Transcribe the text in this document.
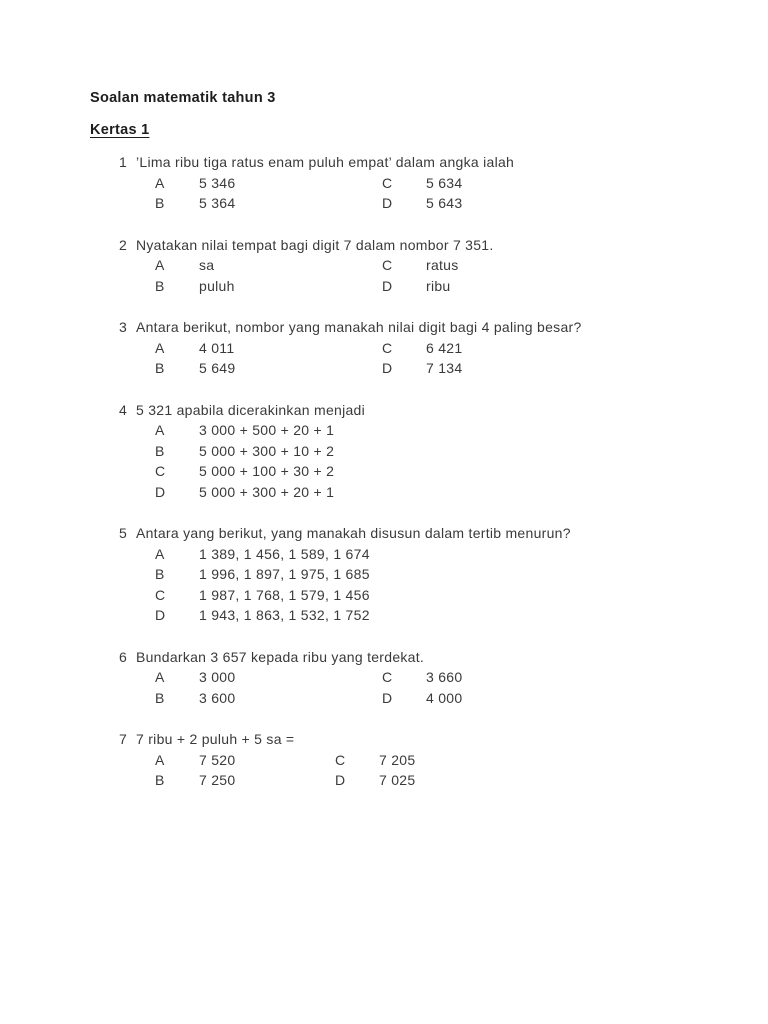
Soalan matematik tahun 3
Kertas 1
1 ’Lima ribu tiga ratus enam puluh empat’ dalam angka ialah
A	5 346	C	5 634
B	5 364	D	5 643
2 Nyatakan nilai tempat bagi digit 7 dalam nombor 7 351.
A	sa	C	ratus
B	puluh	D	ribu
3 Antara berikut, nombor yang manakah nilai digit bagi 4 paling besar?
A	4 011	C	6 421
B	5 649	D	7 134
4 5 321 apabila dicerakinkan menjadi
A	3 000 + 500 + 20 + 1
B	5 000 + 300 + 10 + 2
C	5 000 + 100 + 30 + 2
D	5 000 + 300 + 20 + 1
5 Antara yang berikut, yang manakah disusun dalam tertib menurun?
A	1 389, 1 456, 1 589, 1 674
B	1 996, 1 897, 1 975, 1 685
C	1 987, 1 768, 1 579, 1 456
D	1 943, 1 863, 1 532, 1 752
6 Bundarkan 3 657 kepada ribu yang terdekat.
A	3 000	C	3 660
B	3 600	D	4 000
7 7 ribu + 2 puluh + 5 sa =
A	7 520	C	7 205
B	7 250	D	7 025
